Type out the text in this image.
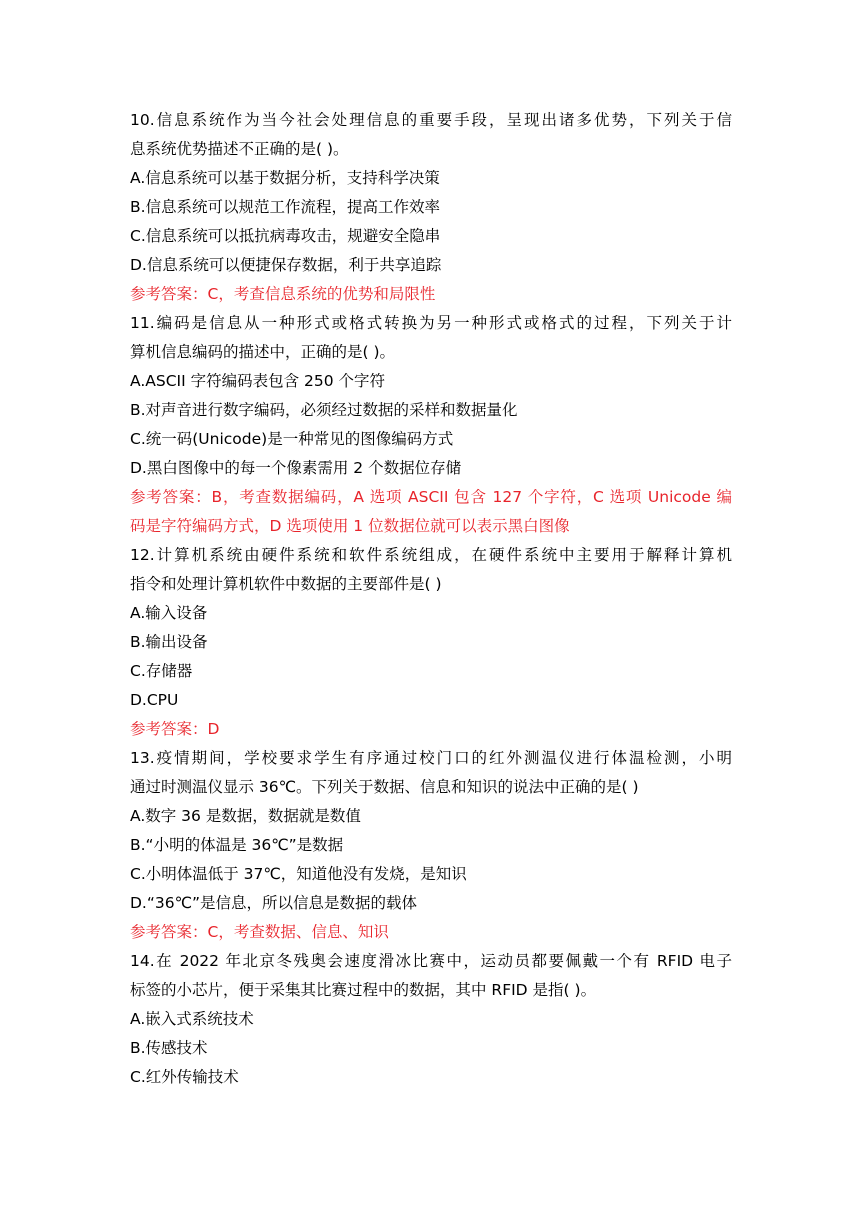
10.信息系统作为当今社会处理信息的重要手段，呈现出诸多优势，下列关于信
息系统优势描述不正确的是( )。
A.信息系统可以基于数据分析，支持科学决策
B.信息系统可以规范工作流程，提高工作效率
C.信息系统可以抵抗病毒攻击，规避安全隐串
D.信息系统可以便捷保存数据，利于共享追踪
参考答案：C，考查信息系统的优势和局限性
11.编码是信息从一种形式或格式转换为另一种形式或格式的过程，下列关于计
算机信息编码的描述中，正确的是( )。
A.ASCII 字符编码表包含 250 个字符
B.对声音进行数字编码，必须经过数据的采样和数据量化
C.统一码(Unicode)是一种常见的图像编码方式
D.黑白图像中的每一个像素需用 2 个数据位存储
参考答案：B，考查数据编码，A 选项 ASCII 包含 127 个字符，C 选项 Unicode 编
码是字符编码方式，D 选项使用 1 位数据位就可以表示黑白图像
12.计算机系统由硬件系统和软件系统组成，在硬件系统中主要用于解释计算机
指令和处理计算机软件中数据的主要部件是( )
A.输入设备
B.输出设备
C.存储器
D.CPU
参考答案：D
13.疫情期间，学校要求学生有序通过校门口的红外测温仪进行体温检测，小明
通过时测温仪显示 36℃。下列关于数据、信息和知识的说法中正确的是( )
A.数字 36 是数据，数据就是数值
B.“小明的体温是 36℃”是数据
C.小明体温低于 37℃，知道他没有发烧，是知识
D.“36℃”是信息，所以信息是数据的载体
参考答案：C，考查数据、信息、知识
14.在 2022 年北京冬残奥会速度滑冰比赛中，运动员都要佩戴一个有 RFID 电子
标签的小芯片，便于采集其比赛过程中的数据，其中 RFID 是指( )。
A.嵌入式系统技术
B.传感技术
C.红外传输技术
